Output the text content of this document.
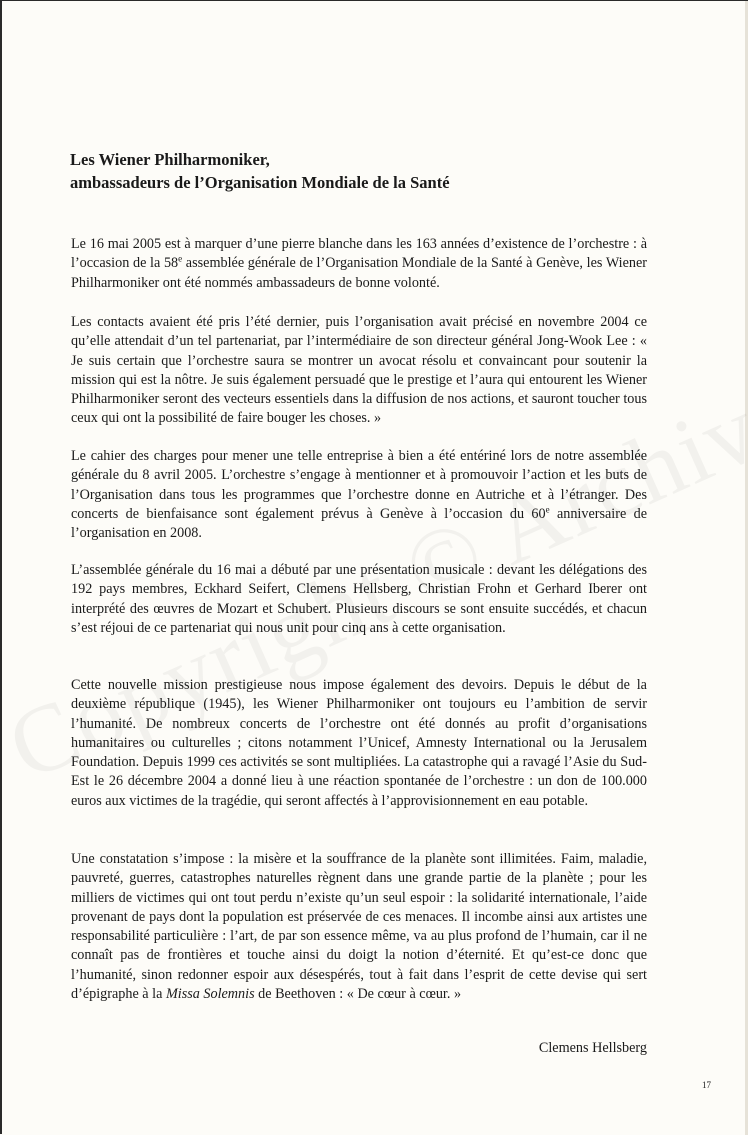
Les Wiener Philharmoniker,
ambassadeurs de l’Organisation Mondiale de la Santé

Le 16 mai 2005 est à marquer d’une pierre blanche dans les 163 années d’existence de l’orchestre : à l’occasion de la 58e assemblée générale de l’Organisation Mondiale de la Santé à Genève, les Wiener Philharmoniker ont été nommés ambassadeurs de bonne volonté.

Les contacts avaient été pris l’été dernier, puis l’organisation avait précisé en novembre 2004 ce qu’elle attendait d’un tel partenariat, par l’intermédiaire de son directeur général Jong-Wook Lee : « Je suis certain que l’orchestre saura se montrer un avocat résolu et convaincant pour soutenir la mission qui est la nôtre. Je suis également persuadé que le prestige et l’aura qui entourent les Wiener Philharmoniker seront des vecteurs essentiels dans la diffusion de nos actions, et sauront toucher tous ceux qui ont la possibilité de faire bouger les choses. »

Le cahier des charges pour mener une telle entreprise à bien a été entériné lors de notre assemblée générale du 8 avril 2005. L’orchestre s’engage à mentionner et à promouvoir l’action et les buts de l’Organisation dans tous les programmes que l’orchestre donne en Autriche et à l’étranger. Des concerts de bienfaisance sont également prévus à Genève à l’occasion du 60e anniversaire de l’organisation en 2008.

L’assemblée générale du 16 mai a débuté par une présentation musicale : devant les délégations des 192 pays membres, Eckhard Seifert, Clemens Hellsberg, Christian Frohn et Gerhard Iberer ont interprété des œuvres de Mozart et Schubert. Plusieurs discours se sont ensuite succédés, et chacun s’est réjoui de ce partenariat qui nous unit pour cinq ans à cette organisation.

Cette nouvelle mission prestigieuse nous impose également des devoirs. Depuis le début de la deuxième république (1945), les Wiener Philharmoniker ont toujours eu l’ambition de servir l’humanité. De nombreux concerts de l’orchestre ont été donnés au profit d’organisations humanitaires ou culturelles ; citons notamment l’Unicef, Amnesty International ou la Jerusalem Foundation. Depuis 1999 ces activités se sont multipliées. La catastrophe qui a ravagé l’Asie du Sud-Est le 26 décembre 2004 a donné lieu à une réaction spontanée de l’orchestre : un don de 100.000 euros aux victimes de la tragédie, qui seront affectés à l’approvisionnement en eau potable.

Une constatation s’impose : la misère et la souffrance de la planète sont illimitées. Faim, maladie, pauvreté, guerres, catastrophes naturelles règnent dans une grande partie de la planète ; pour les milliers de victimes qui ont tout perdu n’existe qu’un seul espoir : la solidarité internationale, l’aide provenant de pays dont la population est préservée de ces menaces. Il incombe ainsi aux artistes une responsabilité particulière : l’art, de par son essence même, va au plus profond de l’humain, car il ne connaît pas de frontières et touche ainsi du doigt la notion d’éternité. Et qu’est-ce donc que l’humanité, sinon redonner espoir aux désespérés, tout à fait dans l’esprit de cette devise qui sert d’épigraphe à la Missa Solemnis de Beethoven : « De cœur à cœur. »

Clemens Hellsberg
17
